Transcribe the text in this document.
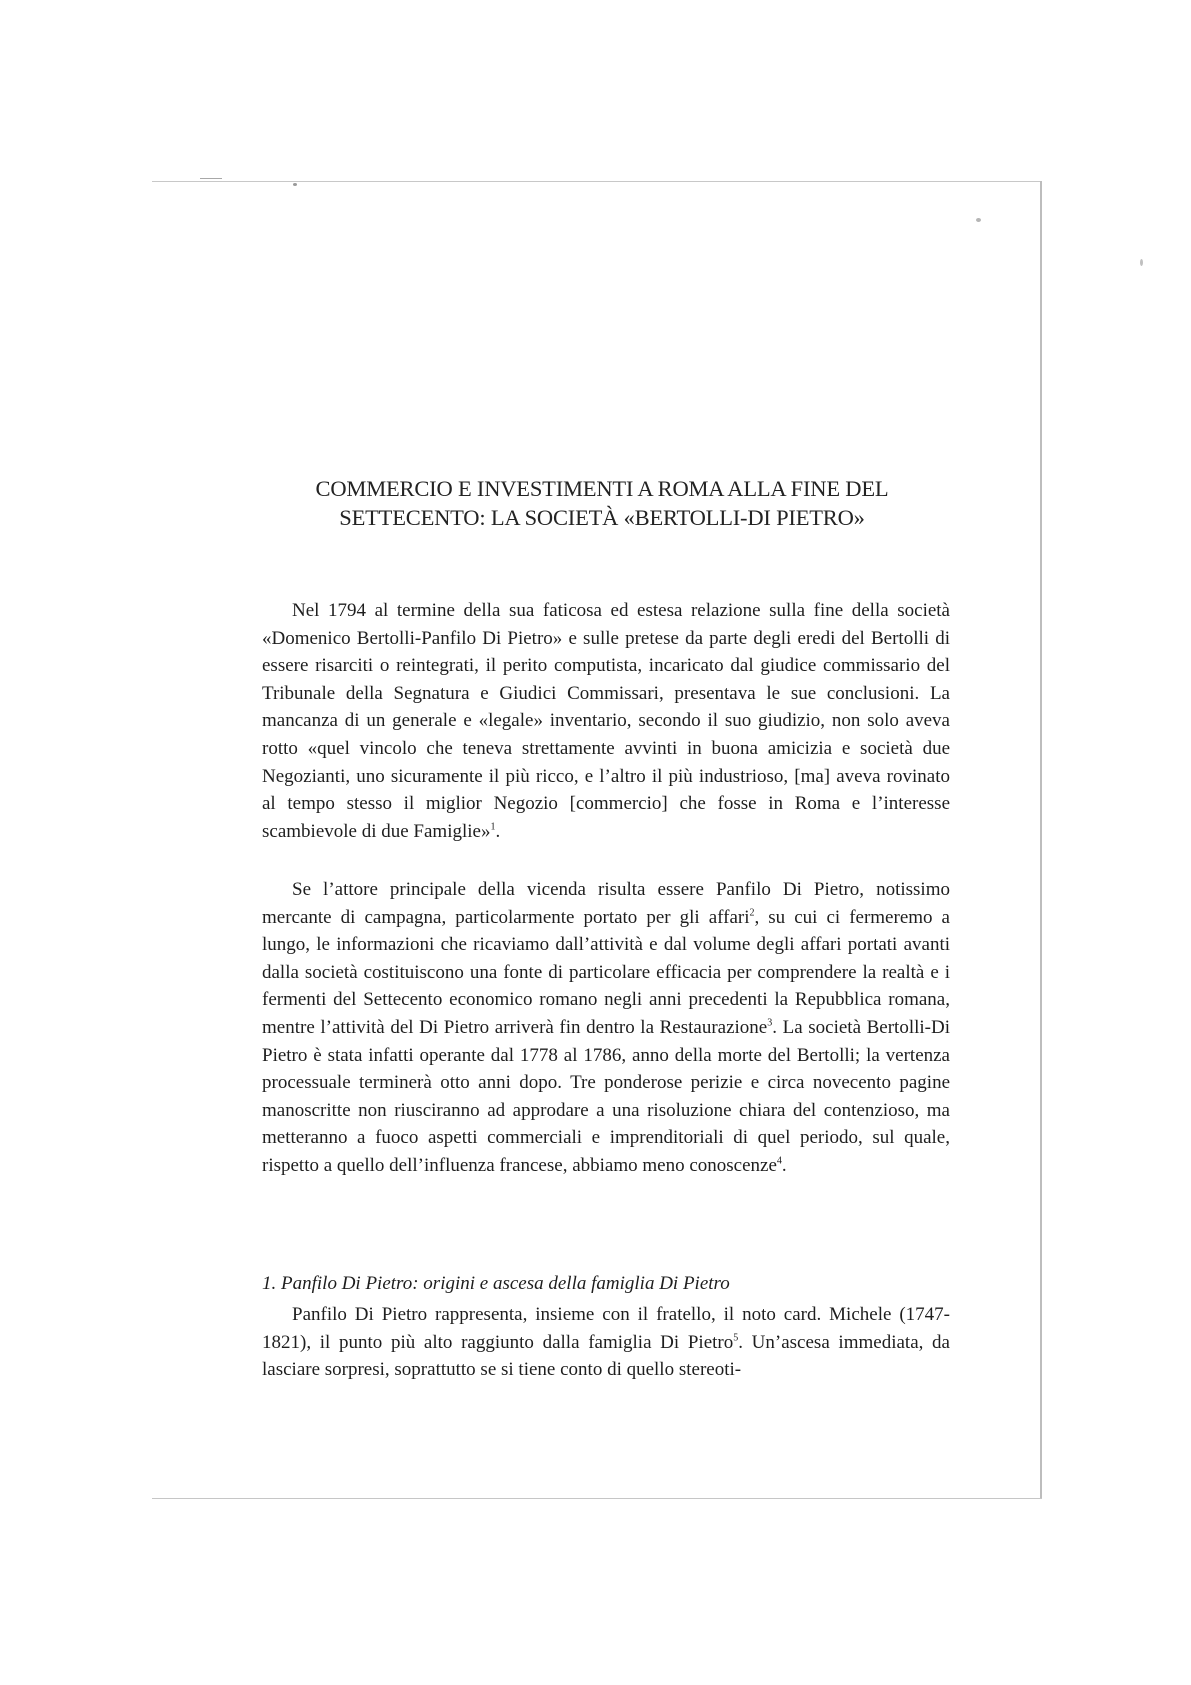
COMMERCIO E INVESTIMENTI A ROMA ALLA FINE DEL
SETTECENTO: LA SOCIETÀ «BERTOLLI-DI PIETRO»

Nel 1794 al termine della sua faticosa ed estesa relazione sulla fine della società «Domenico Bertolli-Panfilo Di Pietro» e sulle pretese da parte degli eredi del Bertolli di essere risarciti o reintegrati, il perito computista, incaricato dal giudice commissario del Tribunale della Segnatura e Giudici Commissari, presentava le sue conclusioni. La mancanza di un generale e «legale» inventario, secondo il suo giudizio, non solo aveva rotto «quel vincolo che teneva strettamente avvinti in buona amicizia e società due Negozianti, uno sicuramente il più ricco, e l’altro il più industrioso, [ma] aveva rovinato al tempo stesso il miglior Negozio [commercio] che fosse in Roma e l’interesse scambievole di due Famiglie»$^1$.

Se l’attore principale della vicenda risulta essere Panfilo Di Pietro, notissimo mercante di campagna, particolarmente portato per gli affari$^2$, su cui ci fermeremo a lungo, le informazioni che ricaviamo dall’attività e dal volume degli affari portati avanti dalla società costituiscono una fonte di particolare efficacia per comprendere la realtà e i fermenti del Settecento economico romano negli anni precedenti la Repubblica romana, mentre l’attività del Di Pietro arriverà fin dentro la Restaurazione$^3$. La società Bertolli-Di Pietro è stata infatti operante dal 1778 al 1786, anno della morte del Bertolli; la vertenza processuale terminerà otto anni dopo. Tre ponderose perizie e circa novecento pagine manoscritte non riusciranno ad approdare a una risoluzione chiara del contenzioso, ma metteranno a fuoco aspetti commerciali e imprenditoriali di quel periodo, sul quale, rispetto a quello dell’influenza francese, abbiamo meno conoscenze$^4$.

1. Panfilo Di Pietro: origini e ascesa della famiglia Di Pietro

Panfilo Di Pietro rappresenta, insieme con il fratello, il noto card. Michele (1747-1821), il punto più alto raggiunto dalla famiglia Di Pietro$^5$. Un’ascesa immediata, da lasciare sorpresi, soprattutto se si tiene conto di quello stereoti-
